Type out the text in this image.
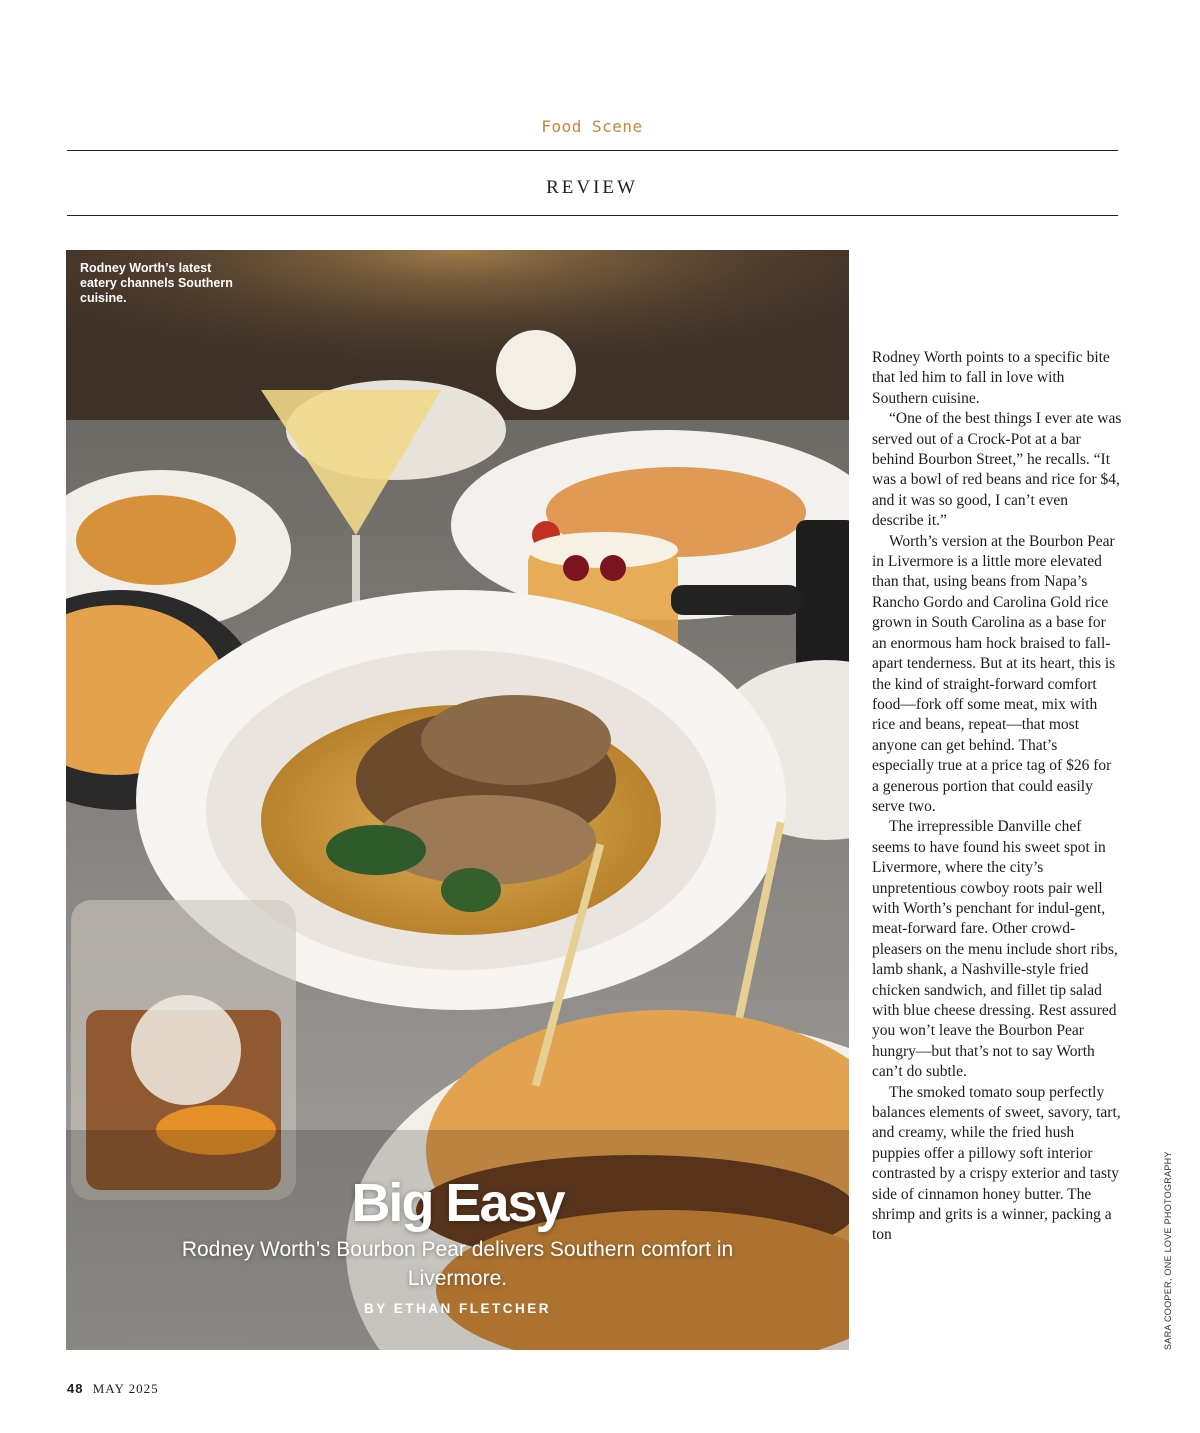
Food Scene
REVIEW
Rodney Worth’s latest eatery channels Southern cuisine.
Big Easy
Rodney Worth’s Bourbon Pear delivers Southern comfort in Livermore.
BY ETHAN FLETCHER

Rodney Worth points to a specific bite that led him to fall in love with Southern cuisine.

“One of the best things I ever ate was served out of a Crock-Pot at a bar behind Bourbon Street,” he recalls. “It was a bowl of red beans and rice for $4, and it was so good, I can’t even describe it.”

Worth’s version at the Bourbon Pear in Livermore is a little more elevated than that, using beans from Napa’s Rancho Gordo and Carolina Gold rice grown in South Carolina as a base for an enormous ham hock braised to fall-apart tenderness. But at its heart, this is the kind of straight-forward comfort food—fork off some meat, mix with rice and beans, repeat—that most anyone can get behind. That’s especially true at a price tag of $26 for a generous portion that could easily serve two.

The irrepressible Danville chef seems to have found his sweet spot in Livermore, where the city’s unpretentious cowboy roots pair well with Worth’s penchant for indul-gent, meat-forward fare. Other crowd-pleasers on the menu include short ribs, lamb shank, a Nashville-style fried chicken sandwich, and fillet tip salad with blue cheese dressing. Rest assured you won’t leave the Bourbon Pear hungry—but that’s not to say Worth can’t do subtle.

The smoked tomato soup perfectly balances elements of sweet, savory, tart, and creamy, while the fried hush puppies offer a pillowy soft interior contrasted by a crispy exterior and tasty side of cinnamon honey butter. The shrimp and grits is a winner, packing a ton	SARA COOPER, ONE LOVE PHOTOGRAPHY
48 MAY 2025
